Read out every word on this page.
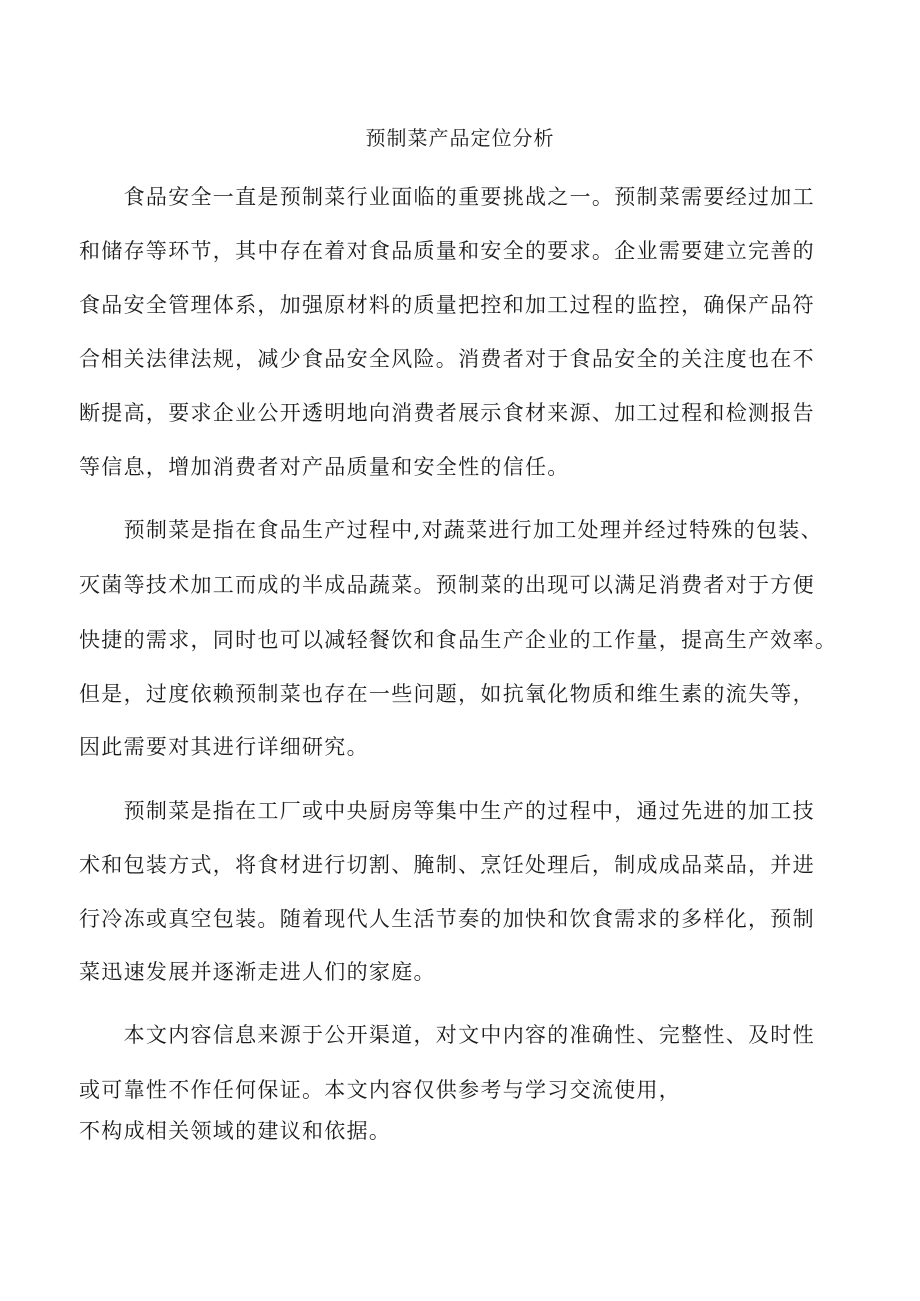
预制菜产品定位分析
　　食品安全一直是预制菜行业面临的重要挑战之一。预制菜需要经过加工
和储存等环节，其中存在着对食品质量和安全的要求。企业需要建立完善的
食品安全管理体系，加强原材料的质量把控和加工过程的监控，确保产品符
合相关法律法规，减少食品安全风险。消费者对于食品安全的关注度也在不
断提高，要求企业公开透明地向消费者展示食材来源、加工过程和检测报告
等信息，增加消费者对产品质量和安全性的信任。
　　预制菜是指在食品生产过程中,对蔬菜进行加工处理并经过特殊的包装、
灭菌等技术加工而成的半成品蔬菜。预制菜的出现可以满足消费者对于方便
快捷的需求，同时也可以减轻餐饮和食品生产企业的工作量，提高生产效率。
但是，过度依赖预制菜也存在一些问题，如抗氧化物质和维生素的流失等，
因此需要对其进行详细研究。
　　预制菜是指在工厂或中央厨房等集中生产的过程中，通过先进的加工技
术和包装方式，将食材进行切割、腌制、烹饪处理后，制成成品菜品，并进
行冷冻或真空包装。随着现代人生活节奏的加快和饮食需求的多样化，预制
菜迅速发展并逐渐走进人们的家庭。
　　本文内容信息来源于公开渠道，对文中内容的准确性、完整性、及时性
或可靠性不作任何保证。本文内容仅供参考与学习交流使用，
不构成相关领域的建议和依据。
